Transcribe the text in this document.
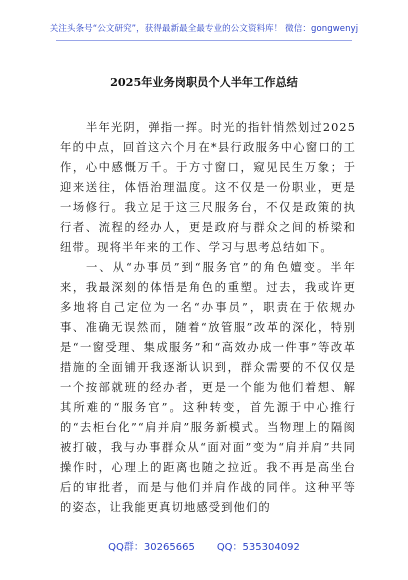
关注头条号“公文研究”，获得最新最全最专业的公文资料库！ 微信：gongwenyj
2025年业务岗职员个人半年工作总结

半年光阴，弹指一挥。时光的指针悄然划过2025年的中点，回首这六个月在*县行政服务中心窗口的工作，心中感慨万千。于方寸窗口，窥见民生万象；于迎来送往，体悟治理温度。这不仅是一份职业，更是一场修行。我立足于这三尺服务台，不仅是政策的执行者、流程的经办人，更是政府与群众之间的桥梁和纽带。现将半年来的工作、学习与思考总结如下。

一、从“办事员”到“服务官”的角色嬗变。半年来，我最深刻的体悟是角色的重塑。过去，我或许更多地将自己定位为一名“办事员”，职责在于依规办事、准确无误然而，随着“放管服”改革的深化，特别是“一窗受理、集成服务”和“高效办成一件事”等改革措施的全面铺开我逐渐认识到，群众需要的不仅仅是一个按部就班的经办者，更是一个能为他们着想、解其所难的“服务官”。这种转变，首先源于中心推行的“去柜台化”“肩并肩”服务新模式。当物理上的隔阂被打破，我与办事群众从“面对面”变为“肩并肩”共同操作时，心理上的距离也随之拉近。我不再是高坐台后的审批者，而是与他们并肩作战的同伴。这种平等的姿态，让我能更真切地感受到他们的

QQ群：30265665 QQ：535304092
